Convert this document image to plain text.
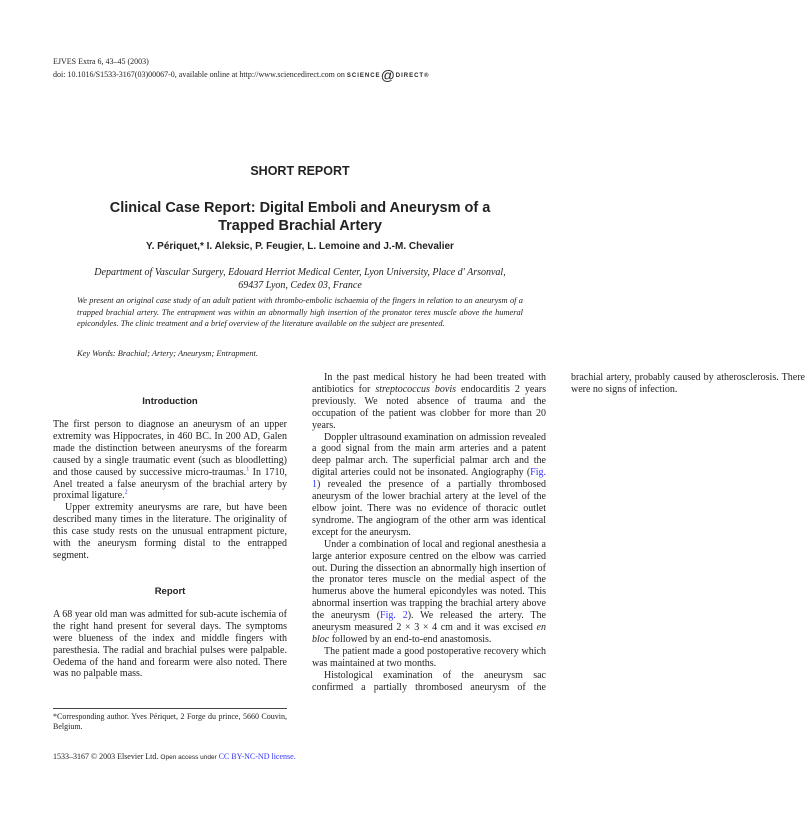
EJVES Extra 6, 43–45 (2003)
doi: 10.1016/S1533-3167(03)00067-0, available online at http://www.sciencedirect.com on SCIENCE@DIRECT®
SHORT REPORT
Clinical Case Report: Digital Emboli and Aneurysm of a
Trapped Brachial Artery
Y. Périquet,* I. Aleksic, P. Feugier, L. Lemoine and J.-M. Chevalier
Department of Vascular Surgery, Edouard Herriot Medical Center, Lyon University, Place d' Arsonval,
69437 Lyon, Cedex 03, France
We present an original case study of an adult patient with thrombo-embolic ischaemia of the fingers in relation to an aneurysm of a trapped brachial artery. The entrapment was within an abnormally high insertion of the pronator teres muscle above the humeral epicondyles. The clinic treatment and a brief overview of the literature available on the subject are presented.
Key Words: Brachial; Artery; Aneurysm; Entrapment.
Introduction

The first person to diagnose an aneurysm of an upper extremity was Hippocrates, in 460 BC. In 200 AD, Galen made the distinction between aneurysms of the forearm caused by a single traumatic event (such as bloodletting) and those caused by successive micro-traumas.$^1$ In 1710, Anel treated a false aneurysm of the brachial artery by proximal ligature.$^2$

Upper extremity aneurysms are rare, but have been described many times in the literature. The originality of this case study rests on the unusual entrapment picture, with the aneurysm forming distal to the entrapped segment.

Report

A 68 year old man was admitted for sub-acute ischemia of the right hand present for several days. The symptoms were blueness of the index and middle fingers with paresthesia. The radial and brachial pulses were palpable. Oedema of the hand and forearm were also noted. There was no palpable mass.

In the past medical history he had been treated with antibiotics for streptococcus bovis endocarditis 2 years previously. We noted absence of trauma and the occupation of the patient was clobber for more than 20 years.

Doppler ultrasound examination on admission revealed a good signal from the main arm arteries and a patent deep palmar arch. The superficial palmar arch and the digital arteries could not be insonated. Angiography (Fig. 1) revealed the presence of a partially thrombosed aneurysm of the lower brachial artery at the level of the elbow joint. There was no evidence of thoracic outlet syndrome. The angiogram of the other arm was identical except for the aneurysm.

Under a combination of local and regional anesthesia a large anterior exposure centred on the elbow was carried out. During the dissection an abnormally high insertion of the pronator teres muscle on the medial aspect of the humerus above the humeral epicondyles was noted. This abnormal insertion was trapping the brachial artery above the aneurysm (Fig. 2). We released the artery. The aneurysm measured 2 × 3 × 4 cm and it was excised en bloc followed by an end-to-end anastomosis.

The patient made a good postoperative recovery which was maintained at two months.

Histological examination of the aneurysm sac confirmed a partially thrombosed aneurysm of the brachial artery, probably caused by atherosclerosis. There were no signs of infection.

*Corresponding author. Yves Périquet, 2 Forge du prince, 5660 Couvin, Belgium.
1533–3167 © 2003 Elsevier Ltd. Open access under CC BY-NC-ND license.
